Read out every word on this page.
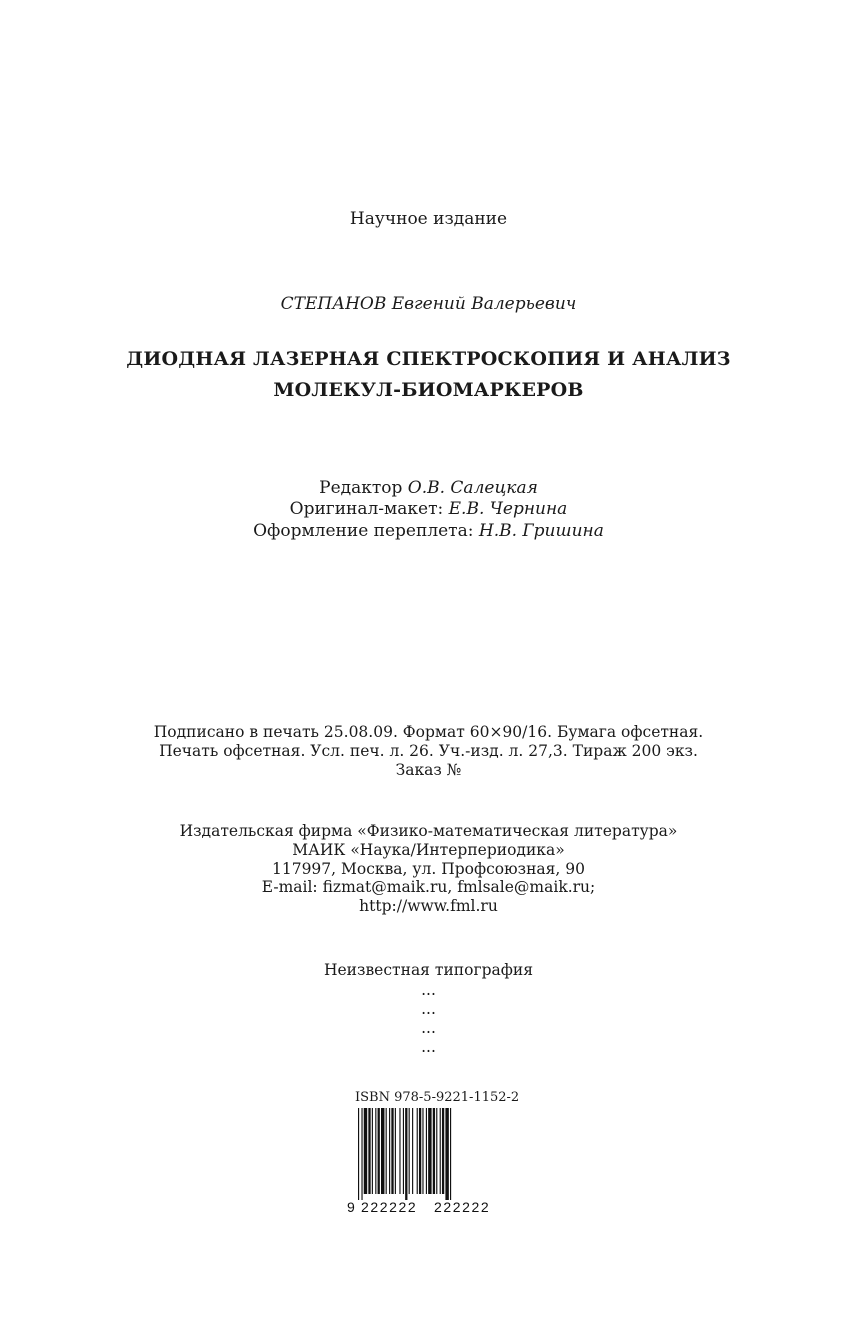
Научное издание
СТЕПАНОВ Евгений Валерьевич
ДИОДНАЯ ЛАЗЕРНАЯ СПЕКТРОСКОПИЯ И АНАЛИЗ
МОЛЕКУЛ-БИОМАРКЕРОВ
Редактор О.В. Салецкая
Оригинал-макет: Е.В. Чернина
Оформление переплета: Н.В. Гришина
Подписано в печать 25.08.09. Формат 60×90/16. Бумага офсетная.
Печать офсетная. Усл. печ. л. 26. Уч.-изд. л. 27,3. Тираж 200 экз.
Заказ №
Издательская фирма «Физико-математическая литература»
МАИК «Наука/Интерпериодика»
117997, Москва, ул. Профсоюзная, 90
E-mail: fizmat@maik.ru, fmlsale@maik.ru;
http://www.fml.ru
Неизвестная типография
...
...
...
...
ISBN 978-5-9221-1152-2
9 222222 222222
